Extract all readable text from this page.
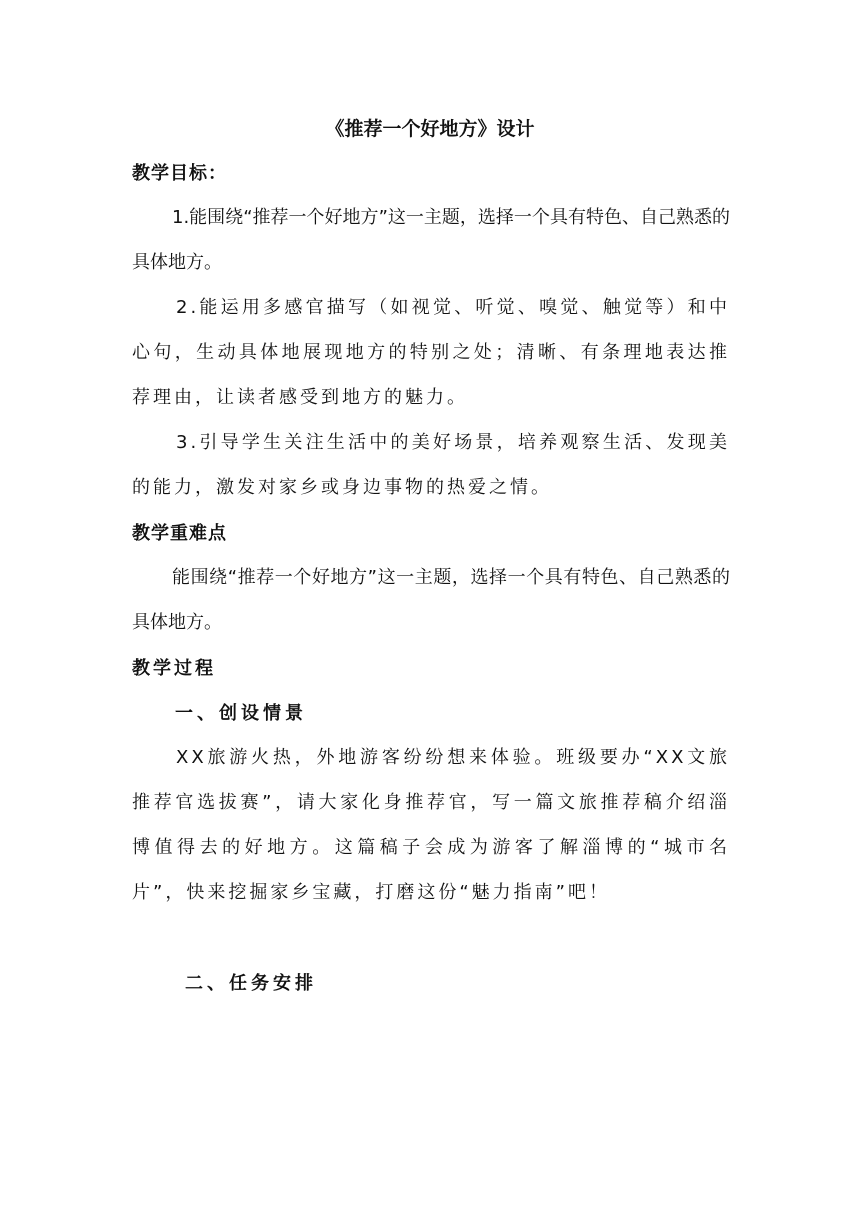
《推荐一个好地方》设计
教学目标：
1.能围绕“推荐一个好地方”这一主题，选择一个具有特色、自己熟悉的具体地方。
2.能运用多感官描写（如视觉、听觉、嗅觉、触觉等）和中心句，生动具体地展现地方的特别之处；清晰、有条理地表达推荐理由，让读者感受到地方的魅力。
3.引导学生关注生活中的美好场景，培养观察生活、发现美的能力，激发对家乡或身边事物的热爱之情。
教学重难点
能围绕“推荐一个好地方”这一主题，选择一个具有特色、自己熟悉的具体地方。
教学过程
一、创设情景
XX旅游火热，外地游客纷纷想来体验。班级要办“XX文旅推荐官选拔赛”，请大家化身推荐官，写一篇文旅推荐稿介绍淄博值得去的好地方。这篇稿子会成为游客了解淄博的“城市名片”，快来挖掘家乡宝藏，打磨这份“魅力指南”吧！
二、任务安排
